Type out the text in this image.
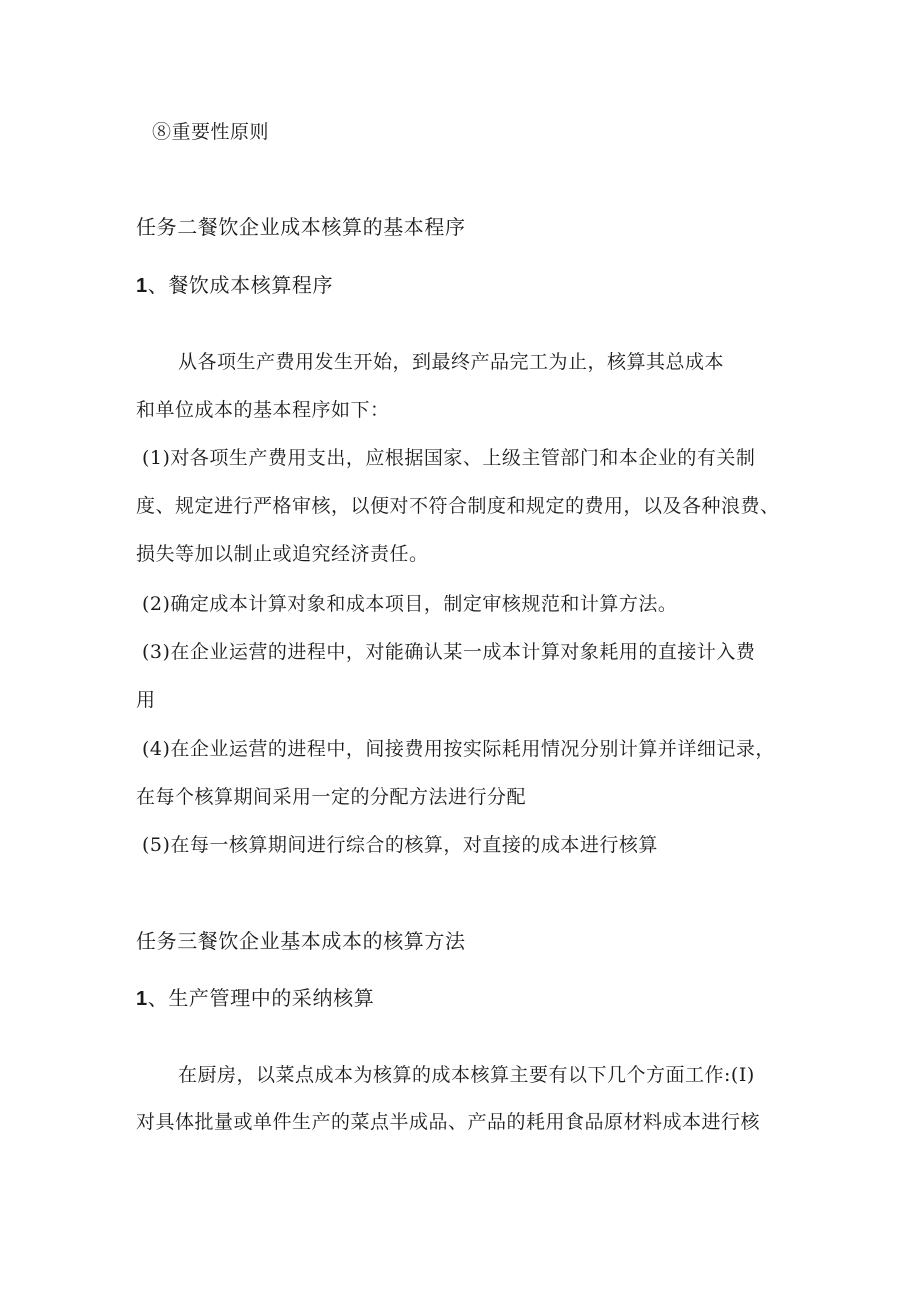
⑧重要性原则
任务二餐饮企业成本核算的基本程序
1、餐饮成本核算程序
从各项生产费用发生开始，到最终产品完工为止，核算其总成本
和单位成本的基本程序如下：
(1)对各项生产费用支出，应根据国家、上级主管部门和本企业的有关制
度、规定进行严格审核，以便对不符合制度和规定的费用，以及各种浪费、
损失等加以制止或追究经济责任。
(2)确定成本计算对象和成本项目，制定审核规范和计算方法。
(3)在企业运营的进程中，对能确认某一成本计算对象耗用的直接计入费
用
(4)在企业运营的进程中，间接费用按实际耗用情况分别计算并详细记录，
在每个核算期间采用一定的分配方法进行分配
(5)在每一核算期间进行综合的核算，对直接的成本进行核算
任务三餐饮企业基本成本的核算方法
1、生产管理中的采纳核算
在厨房，以菜点成本为核算的成本核算主要有以下几个方面工作:(I)
对具体批量或单件生产的菜点半成品、产品的耗用食品原材料成本进行核
